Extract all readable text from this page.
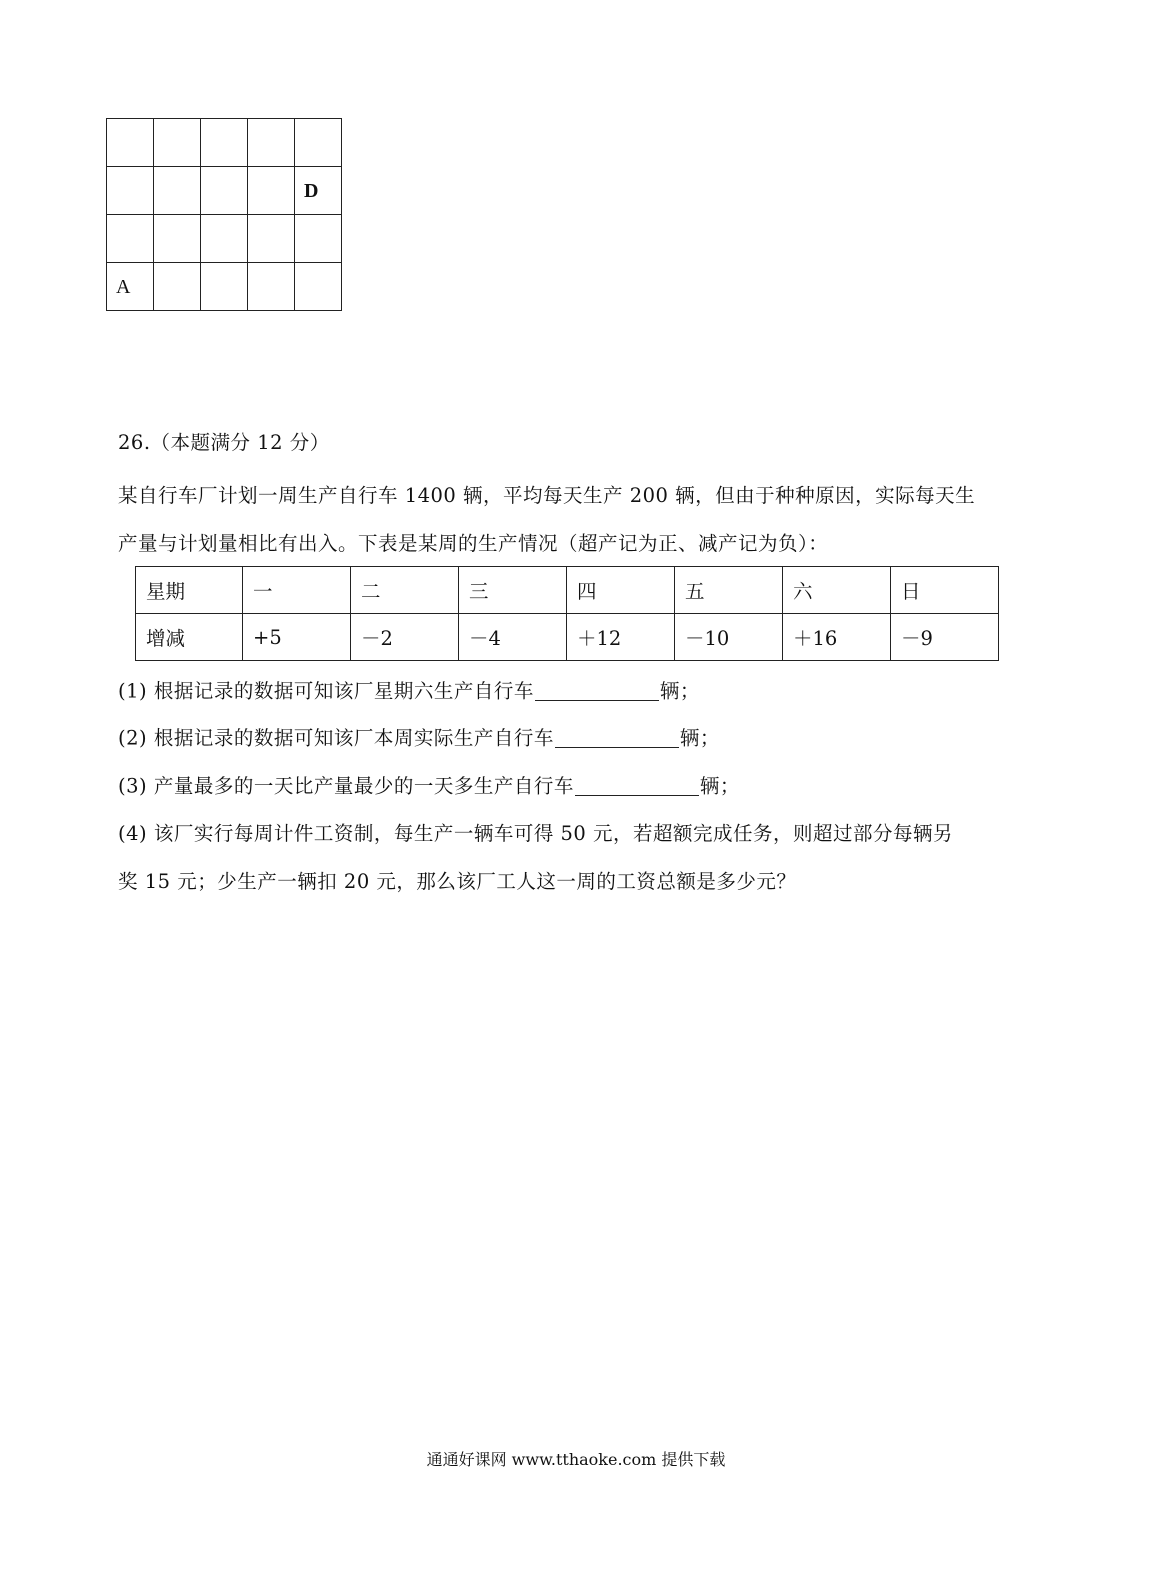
				D

A				

26.（本题满分 12 分）
某自行车厂计划一周生产自行车 1400 辆，平均每天生产 200 辆，但由于种种原因，实际每天生
产量与计划量相比有出入。下表是某周的生产情况（超产记为正、减产记为负）：
星期	一	二	三	四	五	六	日
增减	+5	－2	－4	＋12	－10	＋16	－9
(1) 根据记录的数据可知该厂星期六生产自行车	辆；
(2) 根据记录的数据可知该厂本周实际生产自行车	辆；
(3) 产量最多的一天比产量最少的一天多生产自行车	辆；
(4) 该厂实行每周计件工资制，每生产一辆车可得 50 元，若超额完成任务，则超过部分每辆另
奖 15 元；少生产一辆扣 20 元，那么该厂工人这一周的工资总额是多少元？
通通好课网 www.tthaoke.com 提供下载
